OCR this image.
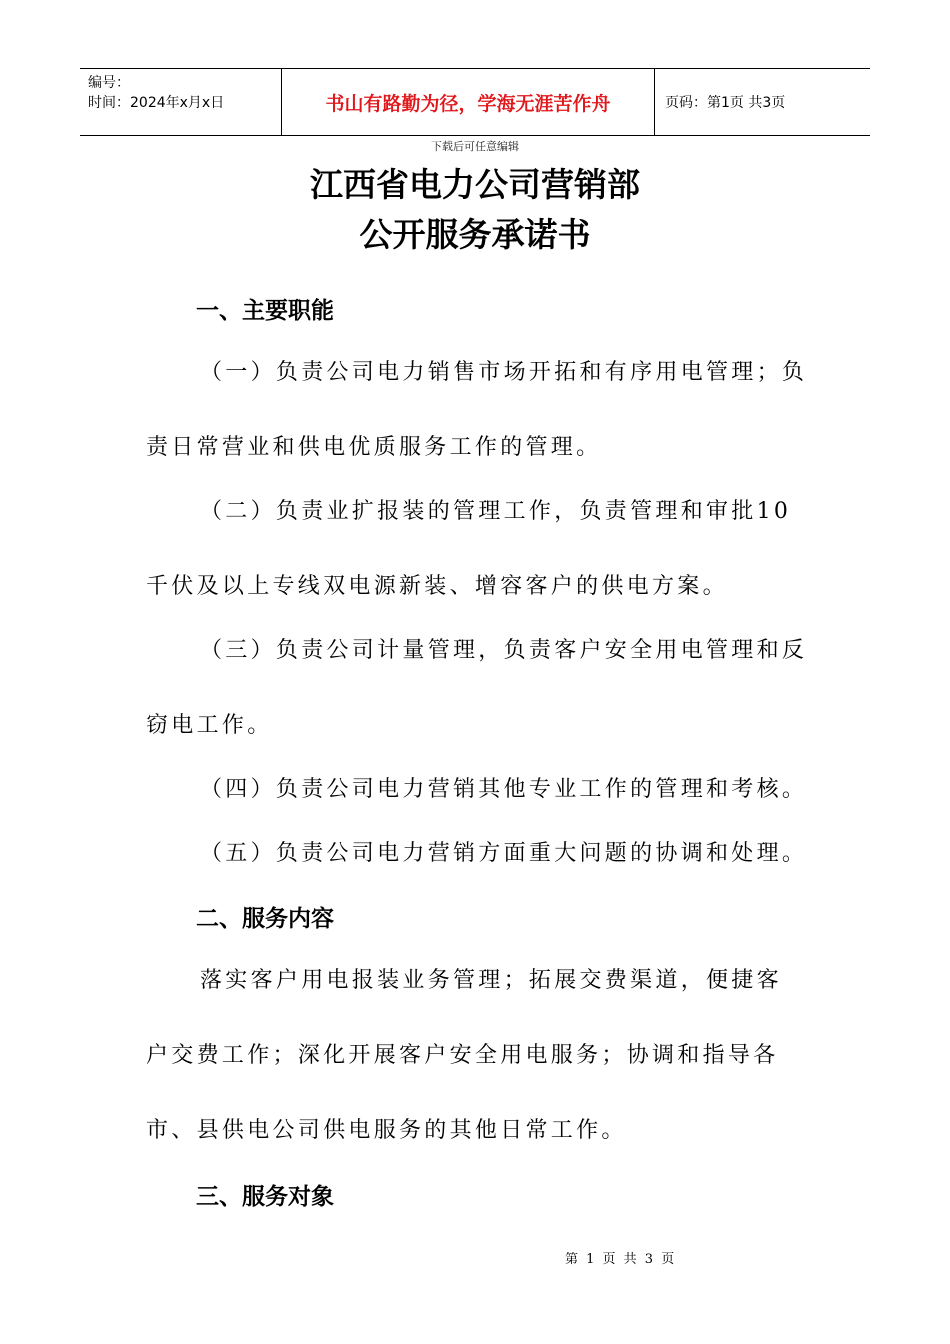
编号：
时间：2024年x月x日	书山有路勤为径，学海无涯苦作舟	页码：第1页 共3页
下载后可任意编辑
江西省电力公司营销部
公开服务承诺书
一、主要职能
（一）负责公司电力销售市场开拓和有序用电管理；负
责日常营业和供电优质服务工作的管理。
（二）负责业扩报装的管理工作，负责管理和审批10
千伏及以上专线双电源新装、增容客户的供电方案。
（三）负责公司计量管理，负责客户安全用电管理和反
窃电工作。
（四）负责公司电力营销其他专业工作的管理和考核。
（五）负责公司电力营销方面重大问题的协调和处理。
二、服务内容
落实客户用电报装业务管理；拓展交费渠道，便捷客
户交费工作；深化开展客户安全用电服务；协调和指导各
市、县供电公司供电服务的其他日常工作。
三、服务对象
第 1 页 共 3 页
